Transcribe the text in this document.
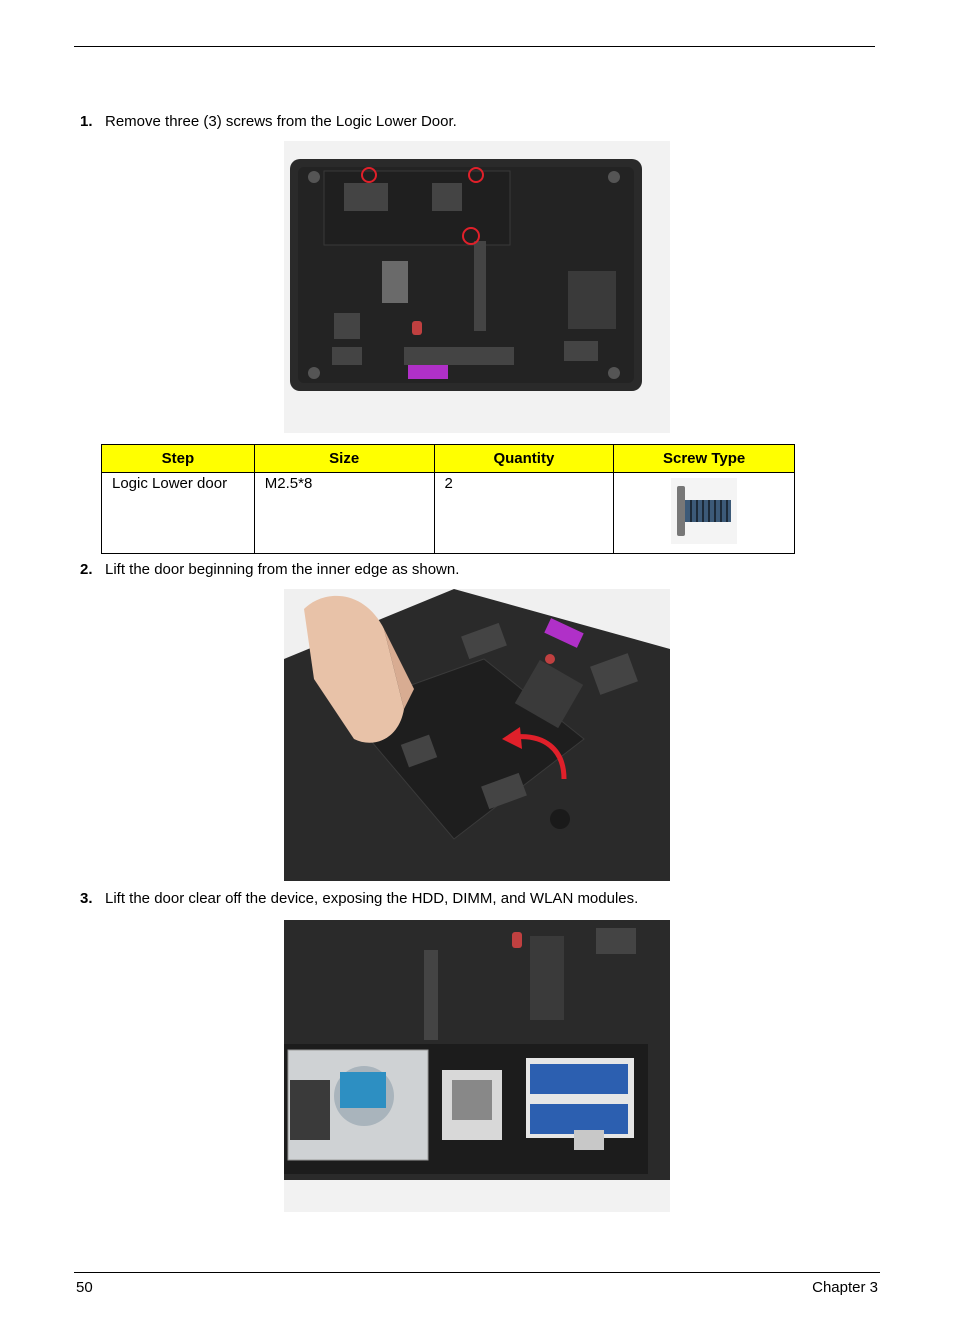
1. Remove three (3) screws from the Logic Lower Door.
Step	Size	Quantity	Screw Type
Logic Lower door	M2.5*8	2	
2. Lift the door beginning from the inner edge as shown.
3. Lift the door clear off the device, exposing the HDD, DIMM, and WLAN modules.
50	Chapter 3
